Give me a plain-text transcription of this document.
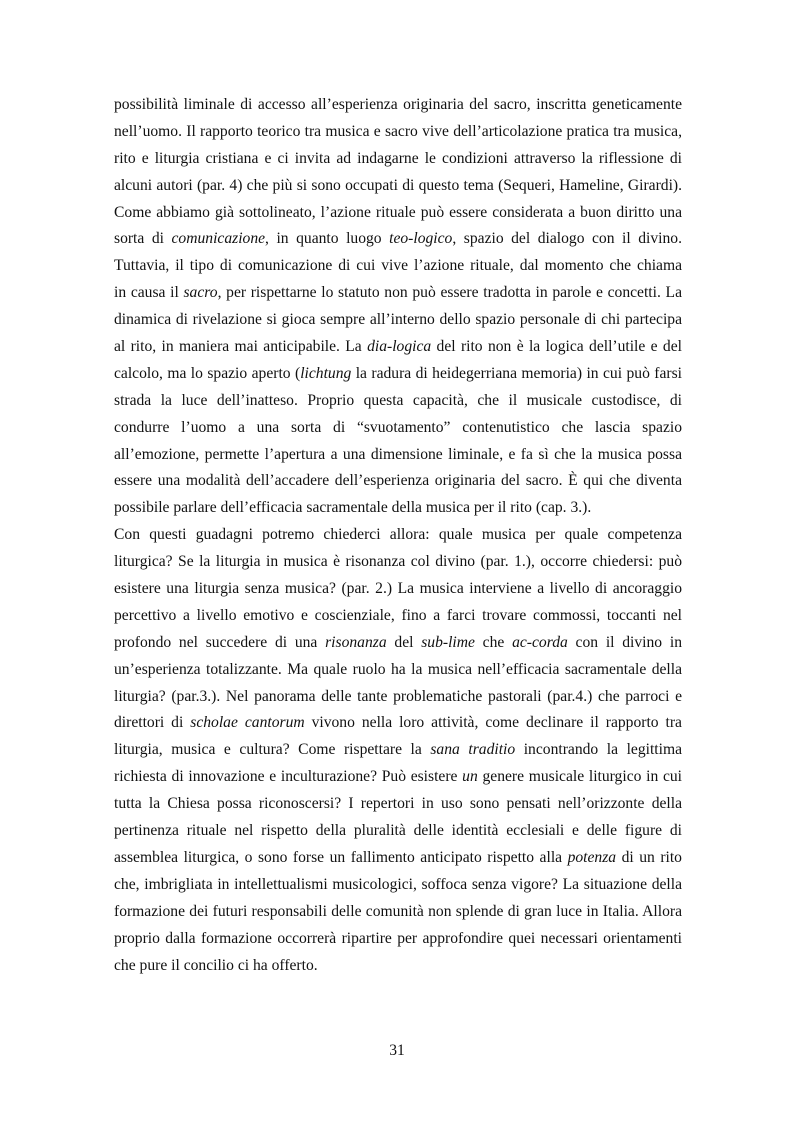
possibilità liminale di accesso all’esperienza originaria del sacro, inscritta geneticamente
nell’uomo. Il rapporto teorico tra musica e sacro vive dell’articolazione pratica tra musica,
rito e liturgia cristiana e ci invita ad indagarne le condizioni attraverso la riflessione di
alcuni autori (par. 4) che più si sono occupati di questo tema (Sequeri, Hameline, Girardi).
Come abbiamo già sottolineato, l’azione rituale può essere considerata a buon diritto una
sorta di comunicazione, in quanto luogo teo-logico, spazio del dialogo con il divino.
Tuttavia, il tipo di comunicazione di cui vive l’azione rituale, dal momento che chiama
in causa il sacro, per rispettarne lo statuto non può essere tradotta in parole e concetti. La
dinamica di rivelazione si gioca sempre all’interno dello spazio personale di chi partecipa
al rito, in maniera mai anticipabile. La dia-logica del rito non è la logica dell’utile e del
calcolo, ma lo spazio aperto (lichtung la radura di heidegerriana memoria) in cui può farsi
strada la luce dell’inatteso. Proprio questa capacità, che il musicale custodisce, di
condurre l’uomo a una sorta di “svuotamento” contenutistico che lascia spazio
all’emozione, permette l’apertura a una dimensione liminale, e fa sì che la musica possa
essere una modalità dell’accadere dell’esperienza originaria del sacro. È qui che diventa
possibile parlare dell’efficacia sacramentale della musica per il rito (cap. 3.).
Con questi guadagni potremo chiederci allora: quale musica per quale competenza
liturgica? Se la liturgia in musica è risonanza col divino (par. 1.), occorre chiedersi: può
esistere una liturgia senza musica? (par. 2.) La musica interviene a livello di ancoraggio
percettivo a livello emotivo e coscienziale, fino a farci trovare commossi, toccanti nel
profondo nel succedere di una risonanza del sub-lime che ac-corda con il divino in
un’esperienza totalizzante. Ma quale ruolo ha la musica nell’efficacia sacramentale della
liturgia? (par.3.). Nel panorama delle tante problematiche pastorali (par.4.) che parroci e
direttori di scholae cantorum vivono nella loro attività, come declinare il rapporto tra
liturgia, musica e cultura? Come rispettare la sana traditio incontrando la legittima
richiesta di innovazione e inculturazione? Può esistere un genere musicale liturgico in cui
tutta la Chiesa possa riconoscersi? I repertori in uso sono pensati nell’orizzonte della
pertinenza rituale nel rispetto della pluralità delle identità ecclesiali e delle figure di
assemblea liturgica, o sono forse un fallimento anticipato rispetto alla potenza di un rito
che, imbrigliata in intellettualismi musicologici, soffoca senza vigore? La situazione della
formazione dei futuri responsabili delle comunità non splende di gran luce in Italia. Allora
proprio dalla formazione occorrerà ripartire per approfondire quei necessari orientamenti
che pure il concilio ci ha offerto.
31
